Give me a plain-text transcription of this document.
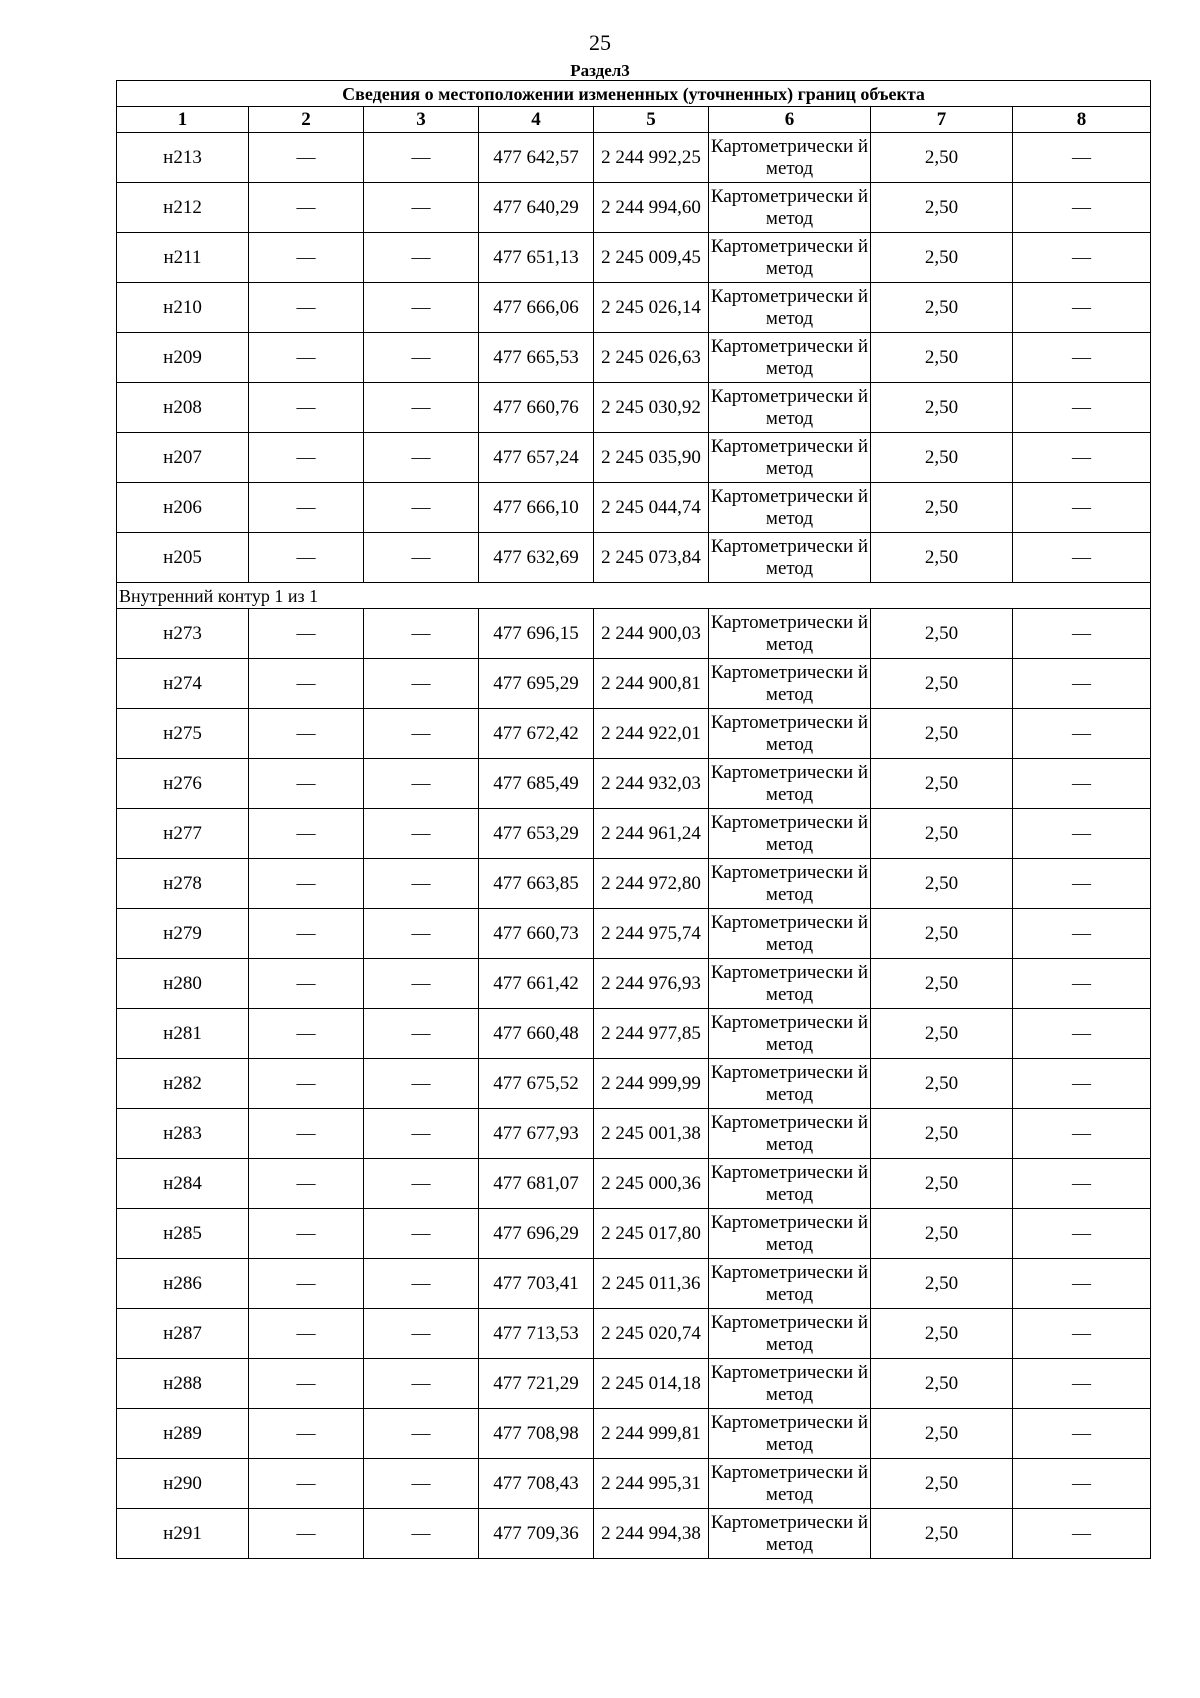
25
Раздел3
Сведения о местоположении измененных (уточненных) границ объекта							
1	2	3	4	5	6	7	8
н213	—	—	477 642,57	2 244 992,25	Картометрически й метод	2,50	—
н212	—	—	477 640,29	2 244 994,60	Картометрически й метод	2,50	—
н211	—	—	477 651,13	2 245 009,45	Картометрически й метод	2,50	—
н210	—	—	477 666,06	2 245 026,14	Картометрически й метод	2,50	—
н209	—	—	477 665,53	2 245 026,63	Картометрически й метод	2,50	—
н208	—	—	477 660,76	2 245 030,92	Картометрически й метод	2,50	—
н207	—	—	477 657,24	2 245 035,90	Картометрически й метод	2,50	—
н206	—	—	477 666,10	2 245 044,74	Картометрически й метод	2,50	—
н205	—	—	477 632,69	2 245 073,84	Картометрически й метод	2,50	—
Внутренний контур 1 из 1							
н273	—	—	477 696,15	2 244 900,03	Картометрически й метод	2,50	—
н274	—	—	477 695,29	2 244 900,81	Картометрически й метод	2,50	—
н275	—	—	477 672,42	2 244 922,01	Картометрически й метод	2,50	—
н276	—	—	477 685,49	2 244 932,03	Картометрически й метод	2,50	—
н277	—	—	477 653,29	2 244 961,24	Картометрически й метод	2,50	—
н278	—	—	477 663,85	2 244 972,80	Картометрически й метод	2,50	—
н279	—	—	477 660,73	2 244 975,74	Картометрически й метод	2,50	—
н280	—	—	477 661,42	2 244 976,93	Картометрически й метод	2,50	—
н281	—	—	477 660,48	2 244 977,85	Картометрически й метод	2,50	—
н282	—	—	477 675,52	2 244 999,99	Картометрически й метод	2,50	—
н283	—	—	477 677,93	2 245 001,38	Картометрически й метод	2,50	—
н284	—	—	477 681,07	2 245 000,36	Картометрически й метод	2,50	—
н285	—	—	477 696,29	2 245 017,80	Картометрически й метод	2,50	—
н286	—	—	477 703,41	2 245 011,36	Картометрически й метод	2,50	—
н287	—	—	477 713,53	2 245 020,74	Картометрически й метод	2,50	—
н288	—	—	477 721,29	2 245 014,18	Картометрически й метод	2,50	—
н289	—	—	477 708,98	2 244 999,81	Картометрически й метод	2,50	—
н290	—	—	477 708,43	2 244 995,31	Картометрически й метод	2,50	—
н291	—	—	477 709,36	2 244 994,38	Картометрически й метод	2,50	—
